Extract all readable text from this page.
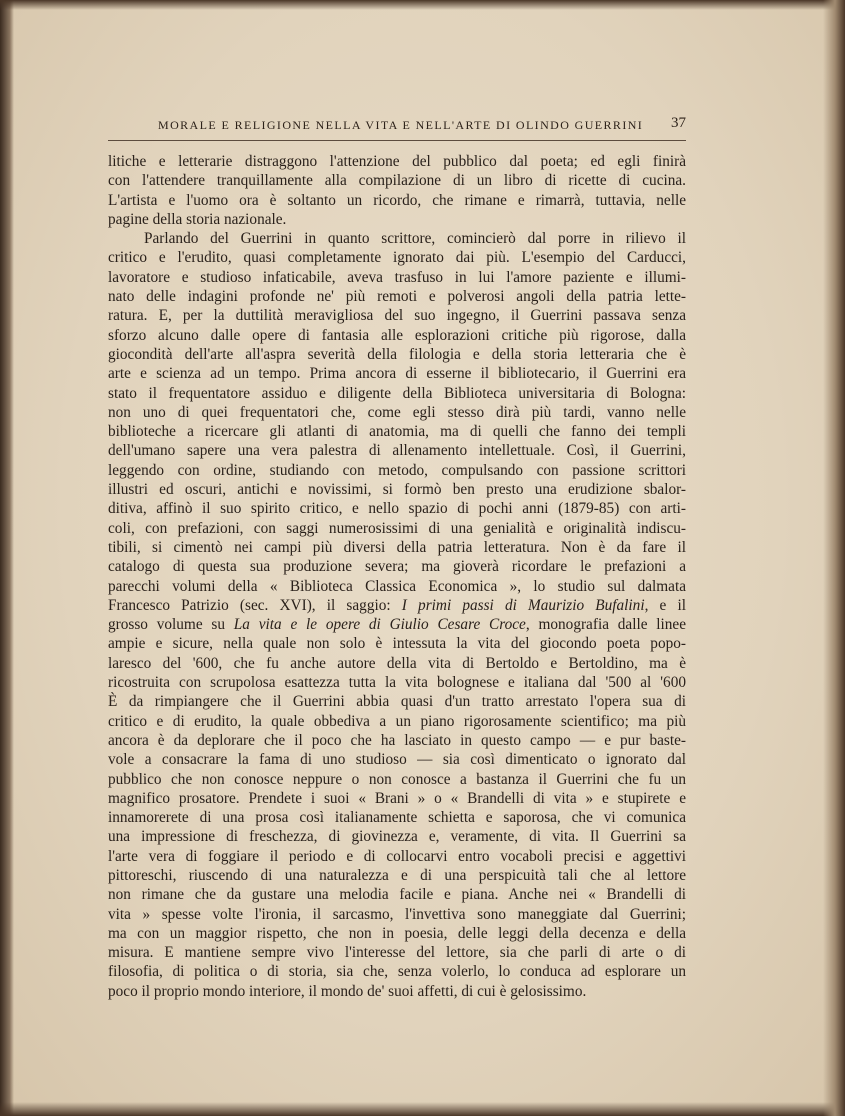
MORALE E RELIGIONE NELLA VITA E NELL'ARTE DI OLINDO GUERRINI 37

litiche e letterarie distraggono l'attenzione del pubblico dal poeta; ed egli finirà
con l'attendere tranquillamente alla compilazione di un libro di ricette di cucina.
L'artista e l'uomo ora è soltanto un ricordo, che rimane e rimarrà, tuttavia, nelle
pagine della storia nazionale.

Parlando del Guerrini in quanto scrittore, comincierò dal porre in rilievo il
critico e l'erudito, quasi completamente ignorato dai più. L'esempio del Carducci,
lavoratore e studioso infaticabile, aveva trasfuso in lui l'amore paziente e illumi-
nato delle indagini profonde ne' più remoti e polverosi angoli della patria lette-
ratura. E, per la duttilità meravigliosa del suo ingegno, il Guerrini passava senza
sforzo alcuno dalle opere di fantasia alle esplorazioni critiche più rigorose, dalla
giocondità dell'arte all'aspra severità della filologia e della storia letteraria che è
arte e scienza ad un tempo. Prima ancora di esserne il bibliotecario, il Guerrini era
stato il frequentatore assiduo e diligente della Biblioteca universitaria di Bologna:
non uno di quei frequentatori che, come egli stesso dirà più tardi, vanno nelle
biblioteche a ricercare gli atlanti di anatomia, ma di quelli che fanno dei templi
dell'umano sapere una vera palestra di allenamento intellettuale. Così, il Guerrini,
leggendo con ordine, studiando con metodo, compulsando con passione scrittori
illustri ed oscuri, antichi e novissimi, si formò ben presto una erudizione sbalor-
ditiva, affinò il suo spirito critico, e nello spazio di pochi anni (1879-85) con arti-
coli, con prefazioni, con saggi numerosissimi di una genialità e originalità indiscu-
tibili, si cimentò nei campi più diversi della patria letteratura. Non è da fare il
catalogo di questa sua produzione severa; ma gioverà ricordare le prefazioni a
parecchi volumi della « Biblioteca Classica Economica », lo studio sul dalmata
Francesco Patrizio (sec. XVI), il saggio: I primi passi di Maurizio Bufalini, e il
grosso volume su La vita e le opere di Giulio Cesare Croce, monografia dalle linee
ampie e sicure, nella quale non solo è intessuta la vita del giocondo poeta popo-
laresco del '600, che fu anche autore della vita di Bertoldo e Bertoldino, ma è
ricostruita con scrupolosa esattezza tutta la vita bolognese e italiana dal '500 al '600
È da rimpiangere che il Guerrini abbia quasi d'un tratto arrestato l'opera sua di
critico e di erudito, la quale obbediva a un piano rigorosamente scientifico; ma più
ancora è da deplorare che il poco che ha lasciato in questo campo — e pur baste-
vole a consacrare la fama di uno studioso — sia così dimenticato o ignorato dal
pubblico che non conosce neppure o non conosce a bastanza il Guerrini che fu un
magnifico prosatore. Prendete i suoi « Brani » o « Brandelli di vita » e stupirete e
innamorerete di una prosa così italianamente schietta e saporosa, che vi comunica
una impressione di freschezza, di giovinezza e, veramente, di vita. Il Guerrini sa
l'arte vera di foggiare il periodo e di collocarvi entro vocaboli precisi e aggettivi
pittoreschi, riuscendo di una naturalezza e di una perspicuità tali che al lettore
non rimane che da gustare una melodia facile e piana. Anche nei « Brandelli di
vita » spesse volte l'ironia, il sarcasmo, l'invettiva sono maneggiate dal Guerrini;
ma con un maggior rispetto, che non in poesia, delle leggi della decenza e della
misura. E mantiene sempre vivo l'interesse del lettore, sia che parli di arte o di
filosofia, di politica o di storia, sia che, senza volerlo, lo conduca ad esplorare un
poco il proprio mondo interiore, il mondo de' suoi affetti, di cui è gelosissimo.
